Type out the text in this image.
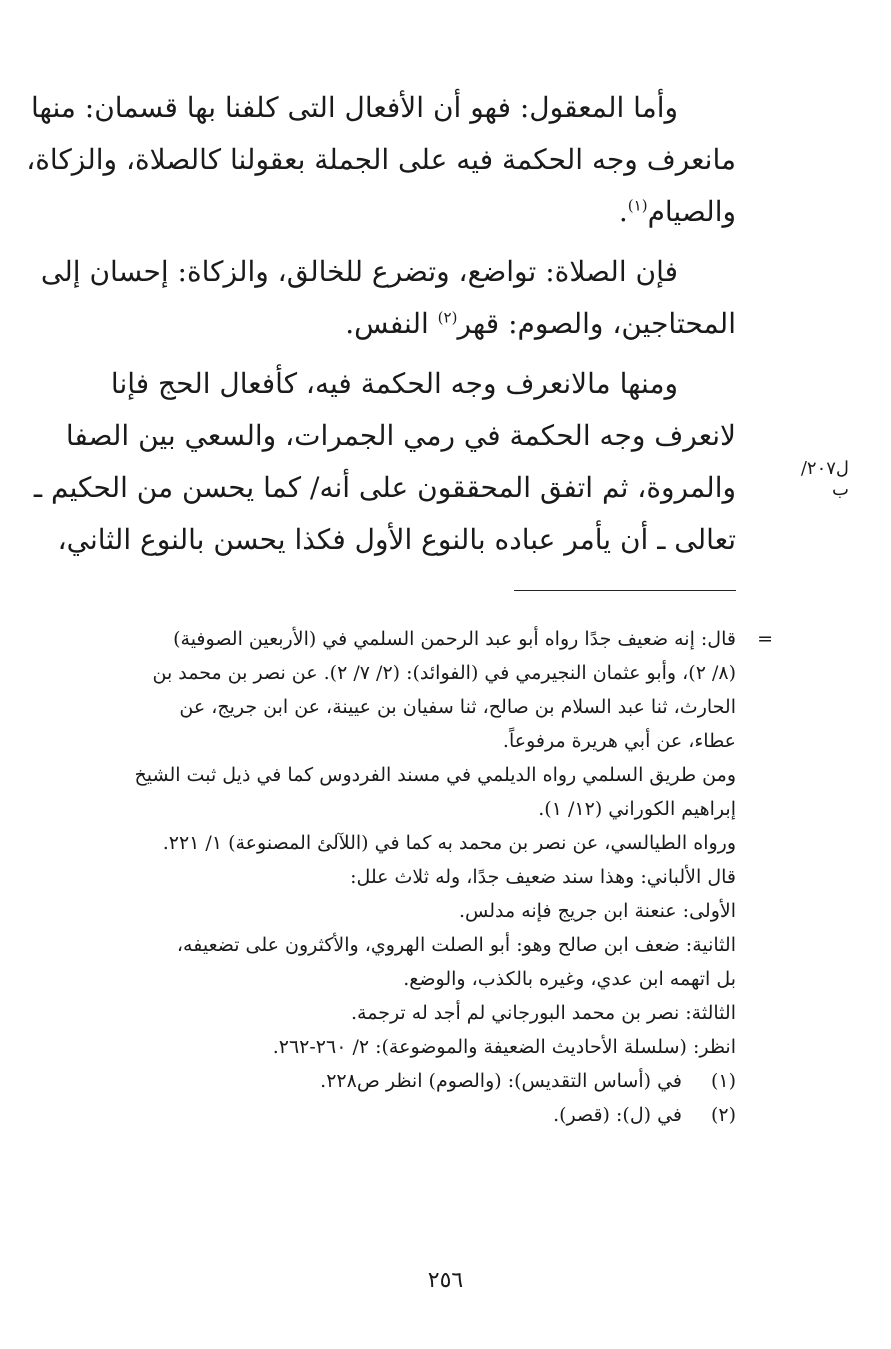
وأما المعقول: فهو أن الأفعال التى كلفنا بها قسمان: منها
مانعرف وجه الحكمة فيه على الجملة بعقولنا كالصلاة، والزكاة،
والصيام$^{(١)}$.

فإن الصلاة: تواضع، وتضرع للخالق، والزكاة: إحسان إلى
المحتاجين، والصوم: قهر$^{(٢)}$ النفس.

ومنها مالانعرف وجه الحكمة فيه، كأفعال الحج فإنا
لانعرف وجه الحكمة في رمي الجمرات، والسعي بين الصفا
والمروة، ثم اتفق المحققون على أنه/ كما يحسن من الحكيم ـ
تعالى ـ أن يأمر عباده بالنوع الأول فكذا يحسن بالنوع الثاني،

ل٢٠٧/ب
=
قال: إنه ضعيف جدًا رواه أبو عبد الرحمن السلمي في (الأربعين الصوفية)
(٨/ ٢)، وأبو عثمان النجيرمي في (الفوائد): (٢/ ٧/ ٢). عن نصر بن محمد بن
الحارث، ثنا عبد السلام بن صالح، ثنا سفيان بن عيينة، عن ابن جريج، عن
عطاء، عن أبي هريرة مرفوعاً.
ومن طريق السلمي رواه الديلمي في مسند الفردوس كما في ذيل ثبت الشيخ
إبراهيم الكوراني (١٢/ ١).
ورواه الطيالسي، عن نصر بن محمد به كما في (اللآلئ المصنوعة) ١/ ٢٢١.
قال الألباني: وهذا سند ضعيف جدًا، وله ثلاث علل:
الأولى: عنعنة ابن جريج فإنه مدلس.
الثانية: ضعف ابن صالح وهو: أبو الصلت الهروي، والأكثرون على تضعيفه،
بل اتهمه ابن عدي، وغيره بالكذب، والوضع.
الثالثة: نصر بن محمد البورجاني لم أجد له ترجمة.
انظر: (سلسلة الأحاديث الضعيفة والموضوعة): ٢/ ٢٦٠-٢٦٢.
(١)في (أساس التقديس): (والصوم) انظر ص٢٢٨.
(٢)في (ل): (قصر).
٢٥٦
